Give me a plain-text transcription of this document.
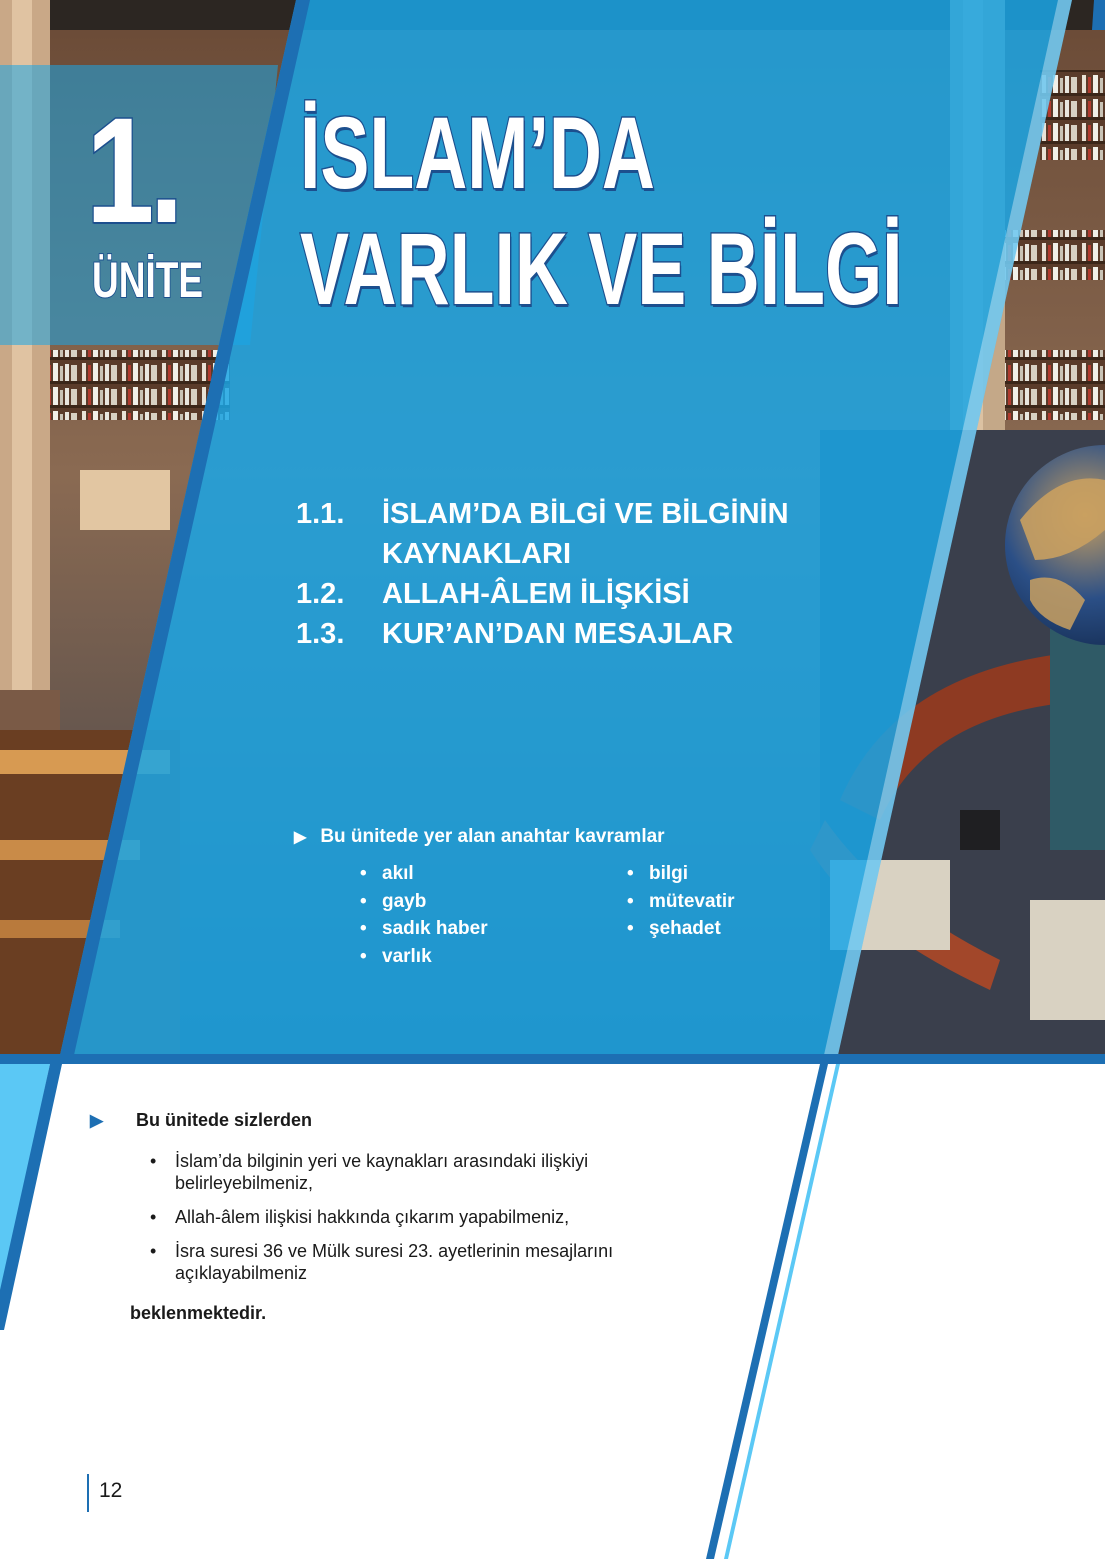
1.
ÜNİTE
İSLAM’DA
VARLIK VE BİLGİ
1.1.	İSLAM’DA BİLGİ VE BİLGİNİN KAYNAKLARI
1.2.	ALLAH-ÂLEM İLİŞKİSİ
1.3.	KUR’AN’DAN MESAJLAR
▶ Bu ünitede yer alan anahtar kavramlar
• akıl
• gayb
• sadık haber
• varlık
• bilgi
• mütevatir
• şehadet
▶	Bu ünitede sizlerden
•	İslam’da bilginin yeri ve kaynakları arasındaki ilişkiyi belirleyebilmeniz,
•	Allah-âlem ilişkisi hakkında çıkarım yapabilmeniz,
•	İsra suresi 36 ve Mülk suresi 23. ayetlerinin mesajlarını açıklayabilmeniz
beklenmektedir.
12
